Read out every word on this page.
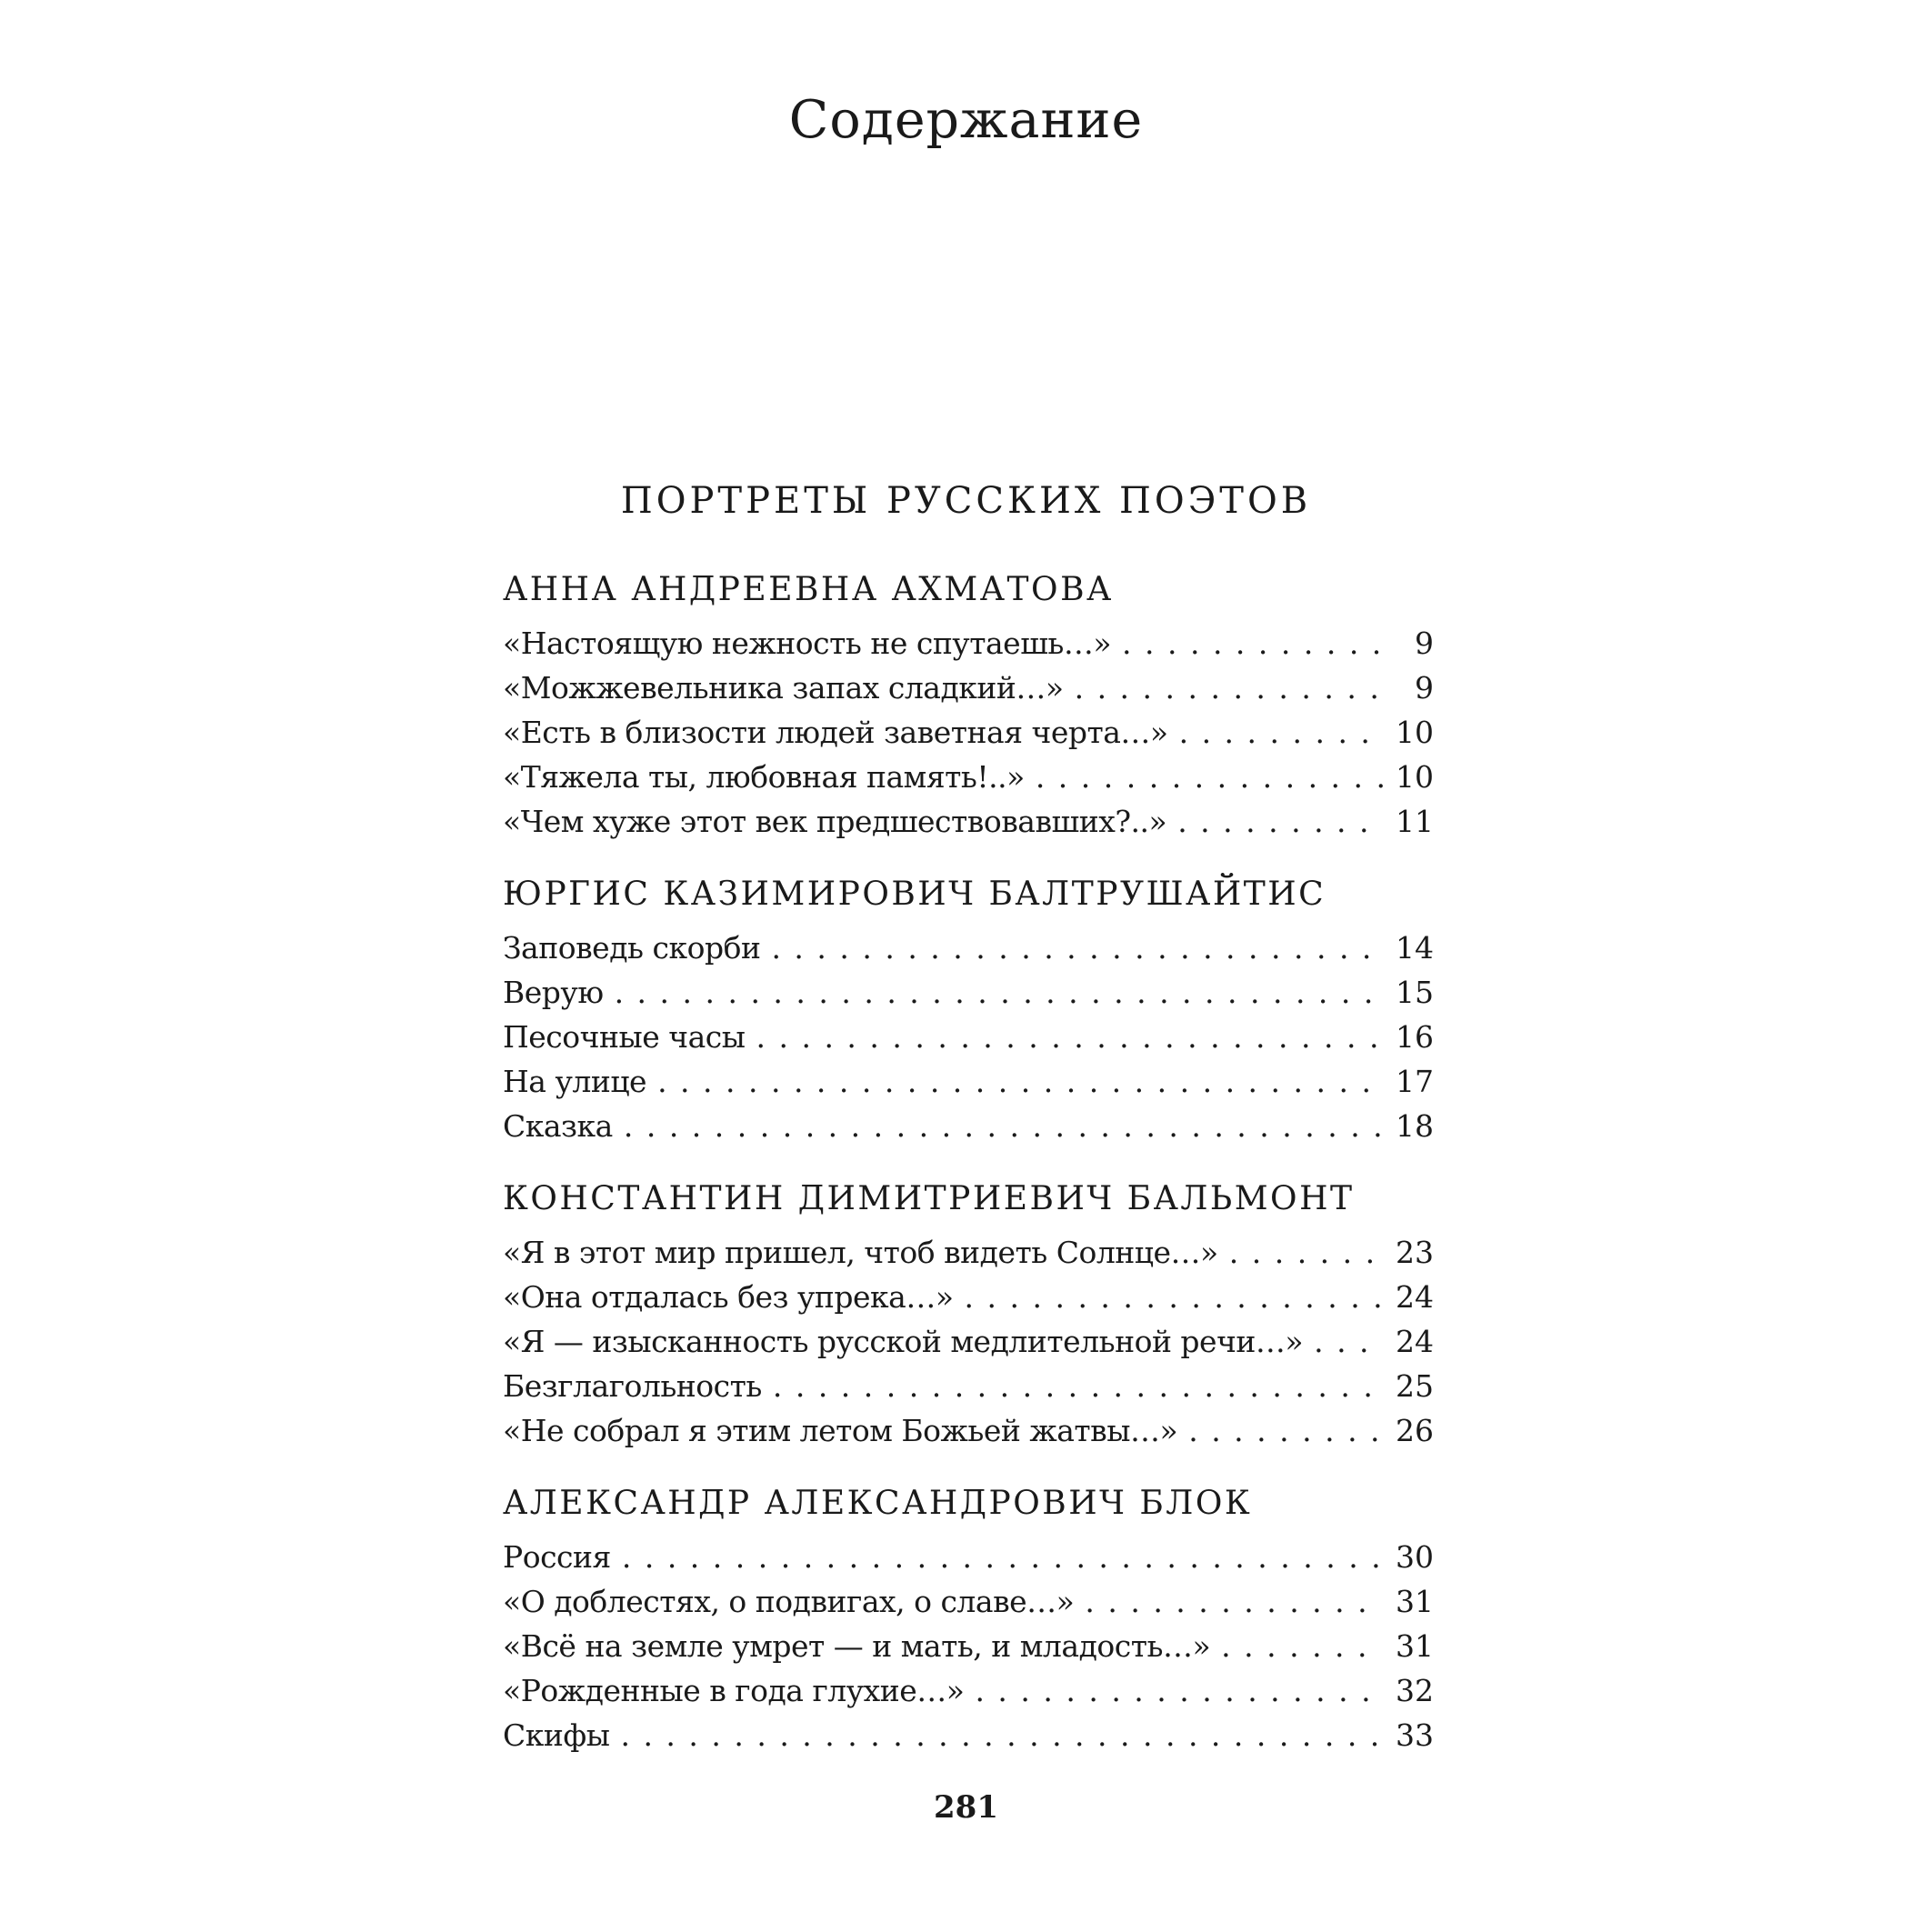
Содержание
ПОРТРЕТЫ РУССКИХ ПОЭТОВ
АННА АНДРЕЕВНА АХМАТОВА
«Настоящую нежность не спутаешь…» . . .	9
«Можжевельника запах сладкий…» . . .	9
«Есть в близости людей заветная черта…» . . .	10
«Тяжела ты, любовная память!..» . . .	10
«Чем хуже этот век предшествовавших?..» . . .	11
ЮРГИС КАЗИМИРОВИЧ БАЛТРУШАЙТИС
Заповедь скорби . . .	14
Верую . . .	15
Песочные часы . . .	16
На улице . . .	17
Сказка . . .	18
КОНСТАНТИН ДИМИТРИЕВИЧ БАЛЬМОНТ
«Я в этот мир пришел, чтоб видеть Солнце…» . . .	23
«Она отдалась без упрека…» . . .	24
«Я — изысканность русской медлительной речи…» . . .	24
Безглагольность . . .	25
«Не собрал я этим летом Божьей жатвы…» . . .	26
АЛЕКСАНДР АЛЕКСАНДРОВИЧ БЛОК
Россия . . .	30
«О доблестях, о подвигах, о славе…» . . .	31
«Всё на земле умрет — и мать, и младость…» . . .	31
«Рожденные в года глухие…» . . .	32
Скифы . . .	33
281
